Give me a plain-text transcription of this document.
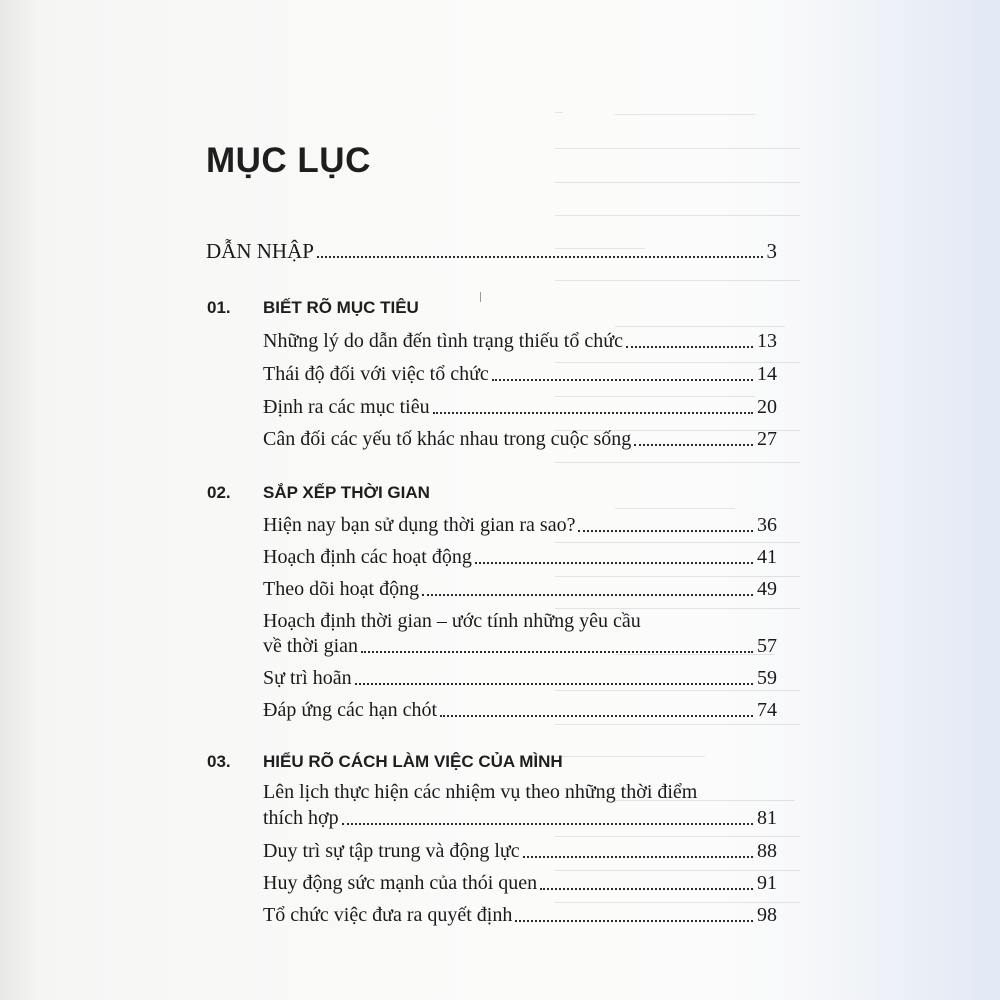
MỤC LỤC
DẪN NHẬP	3
01. BIẾT RÕ MỤC TIÊU
Những lý do dẫn đến tình trạng thiếu tổ chức	13
Thái độ đối với việc tổ chức	14
Định ra các mục tiêu	20
Cân đối các yếu tố khác nhau trong cuộc sống	27
02. SẮP XẾP THỜI GIAN
Hiện nay bạn sử dụng thời gian ra sao?	36
Hoạch định các hoạt động	41
Theo dõi hoạt động	49
Hoạch định thời gian – ước tính những yêu cầu
về thời gian	57
Sự trì hoãn	59
Đáp ứng các hạn chót	74
03. HIỂU RÕ CÁCH LÀM VIỆC CỦA MÌNH
Lên lịch thực hiện các nhiệm vụ theo những thời điểm
thích hợp	81
Duy trì sự tập trung và động lực	88
Huy động sức mạnh của thói quen	91
Tổ chức việc đưa ra quyết định	98
